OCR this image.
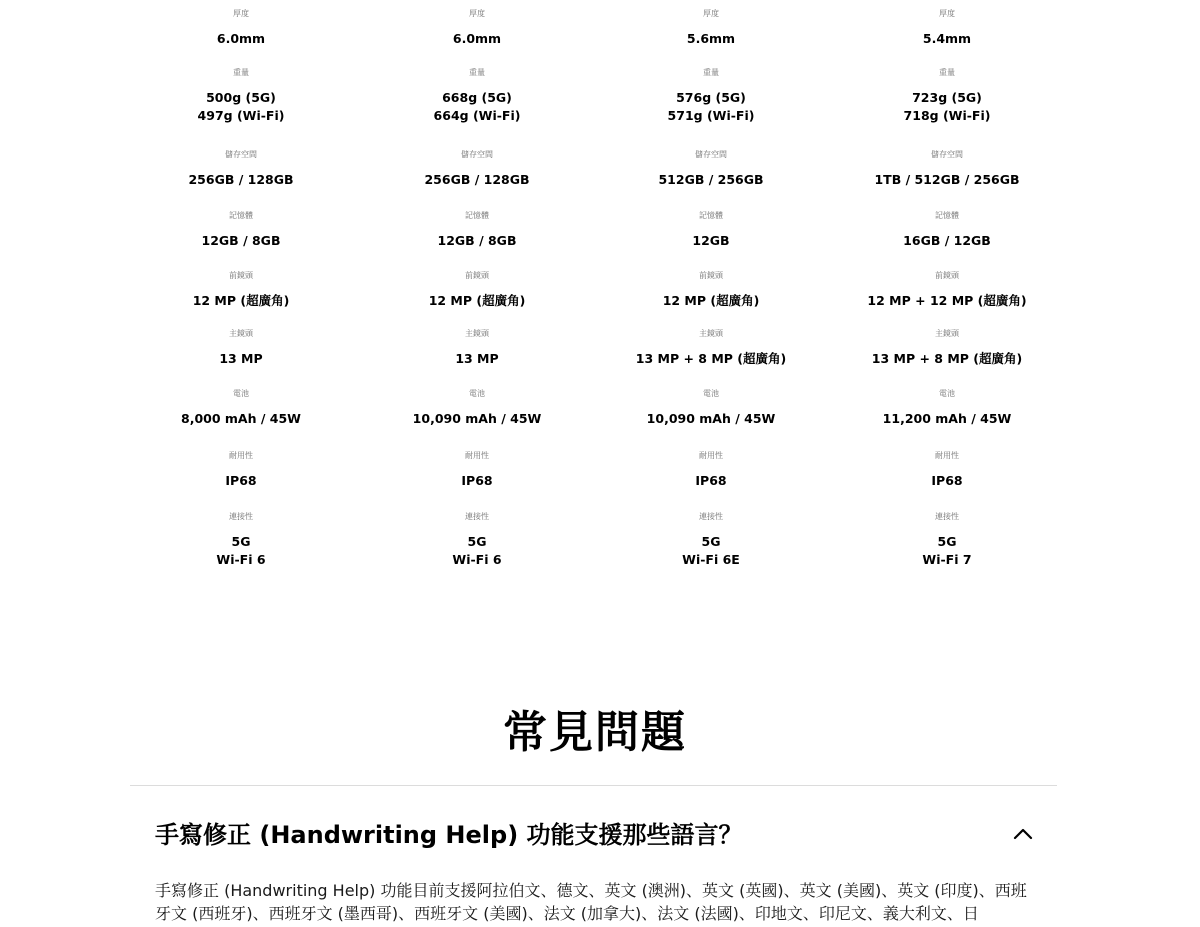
厚度
6.0mm
重量
500g (5G)
497g (Wi-Fi)
儲存空間
256GB / 128GB
記憶體
12GB / 8GB
前鏡頭
12 MP (超廣角)
主鏡頭
13 MP
電池
8,000 mAh / 45W
耐用性
IP68
連接性
5G
Wi-Fi 6
厚度
6.0mm
重量
668g (5G)
664g (Wi-Fi)
儲存空間
256GB / 128GB
記憶體
12GB / 8GB
前鏡頭
12 MP (超廣角)
主鏡頭
13 MP
電池
10,090 mAh / 45W
耐用性
IP68
連接性
5G
Wi-Fi 6
厚度
5.6mm
重量
576g (5G)
571g (Wi-Fi)
儲存空間
512GB / 256GB
記憶體
12GB
前鏡頭
12 MP (超廣角)
主鏡頭
13 MP + 8 MP (超廣角)
電池
10,090 mAh / 45W
耐用性
IP68
連接性
5G
Wi-Fi 6E
厚度
5.4mm
重量
723g (5G)
718g (Wi-Fi)
儲存空間
1TB / 512GB / 256GB
記憶體
16GB / 12GB
前鏡頭
12 MP + 12 MP (超廣角)
主鏡頭
13 MP + 8 MP (超廣角)
電池
11,200 mAh / 45W
耐用性
IP68
連接性
5G
Wi-Fi 7
常見問題
手寫修正 (Handwriting Help) 功能支援那些語言？

手寫修正 (Handwriting Help) 功能目前支援阿拉伯文、德文、英文 (澳洲)、英文 (英國)、英文 (美國)、英文 (印度)、西班牙文 (西班牙)、西班牙文 (墨西哥)、西班牙文 (美國)、法文 (加拿大)、法文 (法國)、印地文、印尼文、義大利文、日
